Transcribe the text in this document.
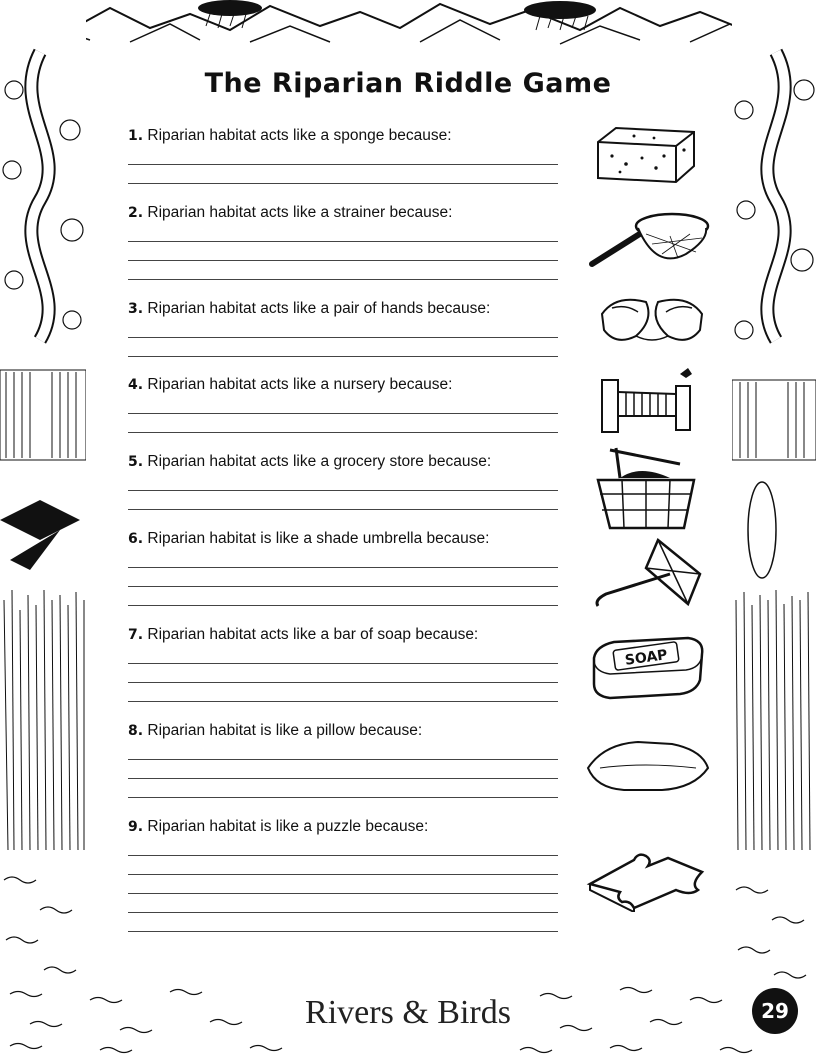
The Riparian Riddle Game
1. Riparian habitat acts like a sponge because:
2. Riparian habitat acts like a strainer because:
3. Riparian habitat acts like a pair of hands because:
4. Riparian habitat acts like a nursery because:
5. Riparian habitat acts like a grocery store because:
6. Riparian habitat is like a shade umbrella because:
7. Riparian habitat acts like a bar of soap because:
8. Riparian habitat is like a pillow because:
9. Riparian habitat is like a puzzle because:
SOAP
Rivers & Birds	29
